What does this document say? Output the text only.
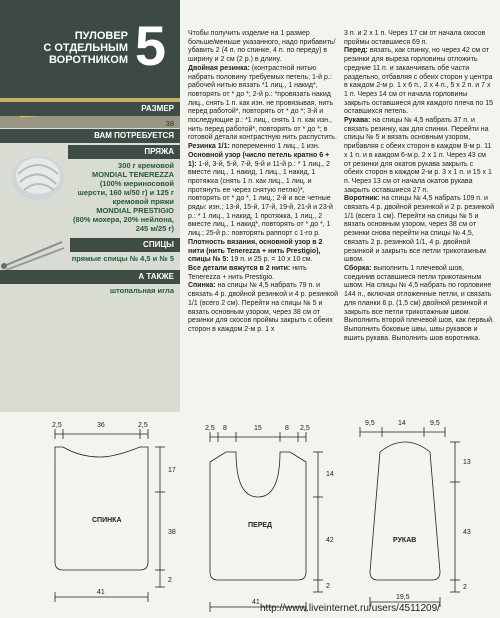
ПУЛОВЕР
С ОТДЕЛЬНЫМ
ВОРОТНИКОМ 5
РАЗМЕР
38
ВАМ ПОТРЕБУЕТСЯ
ПРЯЖА
300 г кремовой
MONDIAL TENEREZZA
(100% мериносовой
шерсти, 160 м/50 г) и 125 г
кремовой пряжи
MONDIAL PRESTIGIO
(80% мохера, 20% нейлона,
245 м/25 г)
СПИЦЫ
прямые спицы № 4,5 и № 5
А ТАКЖЕ
штопальная игла
Чтобы получить изделие на 1 размер больше/меньше указанного, надо прибавить/убавить 2 (4 п. по спинке, 4 п. по переду) в ширину и 2 см (2 р.) в длину.
Двойная резинка: (контрастной нитью набрать половину требуемых петель; 1-й р.: рабочей нитью вязать *1 лиц., 1 накид*, повторять от * до *; 2-й р.: *провязать накид лиц., снять 1 п. как изн. не провязывая, нить перед работой*, повторять от * до *; 3-й и последующие р.: *1 лиц., снять 1 п. как изн., нить перед работой*, повторять от * до *; в готовой детали контрастную нить распустить.
Резинка 1/1: попеременно 1 лиц., 1 изн.
Основной узор (число петель кратно 6 + 1): 1-й, 3-й, 5-й, 7-й, 9-й и 11-й р.: * 1 лиц., 2 вместе лиц., 1 накид, 1 лиц., 1 накид, 1 протяжка (снять 1 п. как лиц., 1 лиц. и протянуть ее через снятую петлю)*, повторять от * до *, 1 лиц.; 2-й и все четные ряды: изн.; 13-й, 15-й, 17-й, 19-й, 21-й и 23-й р.: * 1 лиц., 1 накид, 1 протяжка, 1 лиц., 2 вместе лиц., 1 накид*, повторять от * до *, 1 лиц.; 25-й р.: повторять раппорт с 1-го р.
Плотность вязания, основной узор в 2 нити (нить Tenerezza + нить Prestigio), спицы № 5: 19 п. и 25 р. = 10 х 10 см.
Все детали вяжутся в 2 нити: нить Tenerezza + нить Prestigio.
Спинка: на спицы № 4,5 набрать 79 п. и связать 4 р. двойной резинкой и 4 р. резинкой 1/1 (всего 2 см). Перейти на спицы № 5 и вязать основным узором, через 38 см от резинки для скосов проймы закрыть с обеих сторон в каждом 2-м р. 1 х
3 п. и 2 х 1 п. Через 17 см от начала скосов проймы оставшиеся 69 п.
Перед: вязать, как спинку, но через 42 см от резинки для выреза горловины отложить средние 11 п. и заканчивать обе части раздельно, отбавляя с обеих сторон у центра в каждом 2-м р. 1 х 6 п., 2 х 4 п., 5 х 2 п. и 7 х 1 п. Через 14 см от начала горловины закрыть оставшиеся для каждого плеча по 15 оставшихся петель.
Рукава: на спицы № 4,5 набрать 37 п. и связать резинку, как для спинки. Перейти на спицы № 5 и вязать основным узором, прибавляя с обеих сторон в каждом 8-м р. 11 х 1 п. и в каждом 6-м р. 2 х 1 п. Через 43 см от резинки для окатов рукава закрыть с обеих сторон в каждом 2-м р. 3 х 1 п. и 15 х 1 п. Через 13 см от начала окатов рукава закрыть оставшиеся 27 п.
Воротник: на спицы № 4,5 набрать 109 п. и связать 4 р. двойной резинкой и 2 р. резинкой 1/1 (всего 1 см). Перейти на спицы № 5 и вязать основным узором, через 38 см от резинки снова перейти на спицы № 4,5, связать 2 р. резинкой 1/1, 4 р. двойной резинкой и закрыть все петли трикотажным швом.
Сборка: выполнить 1 плечевой шов, соединив оставшиеся петли трикотажным швом. На спицы № 4,5 набрать по горловине 144 п., включая отложенные петли, и связать для планки 6 р. (1,5 см) двойной резинкой и закрыть все петли трикотажным швом. Выполнить второй плечевой шов, как первый. Выполнить боковые швы, швы рукавов и вшить рукава. Выполнить шов воротника.
СПИНКА
2,5	36	2,5
17
38
2
41
ПЕРЕД
2,5 8	15	8 2,5
14
42
2
41
РУКАВ
9,5	14	9,5
13
43
2
19,5
http://www.liveinternet.ru/users/4511209/
